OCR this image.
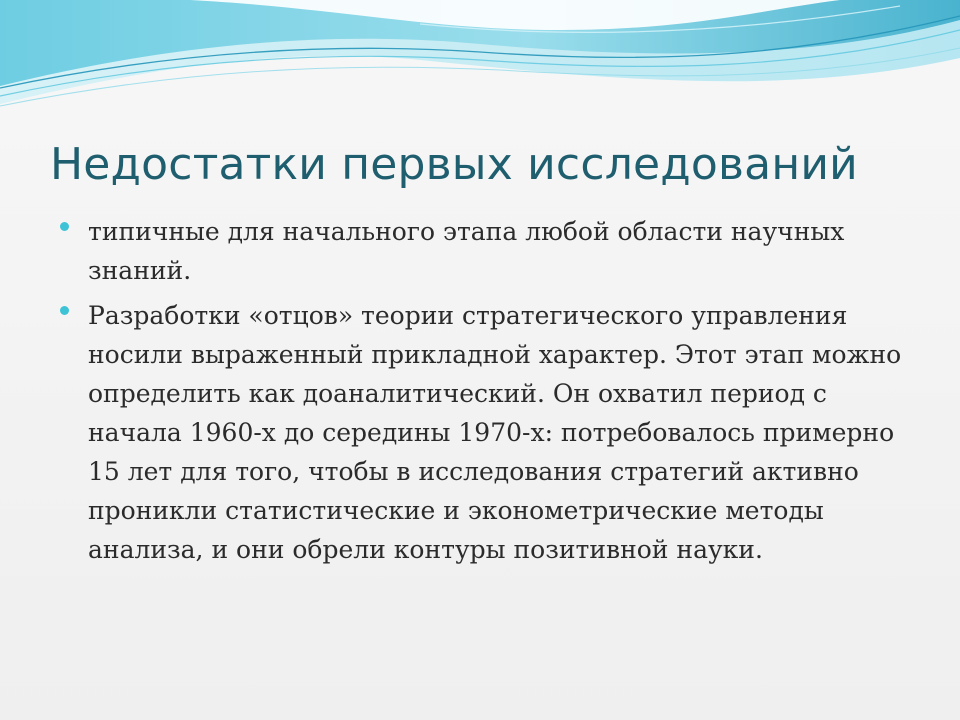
Недостатки первых исследований

типичные для начального этапа любой области научных знаний.

Разработки «отцов» теории стратегического управления носили выраженный прикладной характер. Этот этап можно определить как доаналитический. Он охватил период с начала 1960-х до середины 1970-х: потребовалось примерно 15 лет для того, чтобы в исследования стратегий активно проникли статистические и эконометрические методы анализа, и они обрели контуры позитивной науки.
